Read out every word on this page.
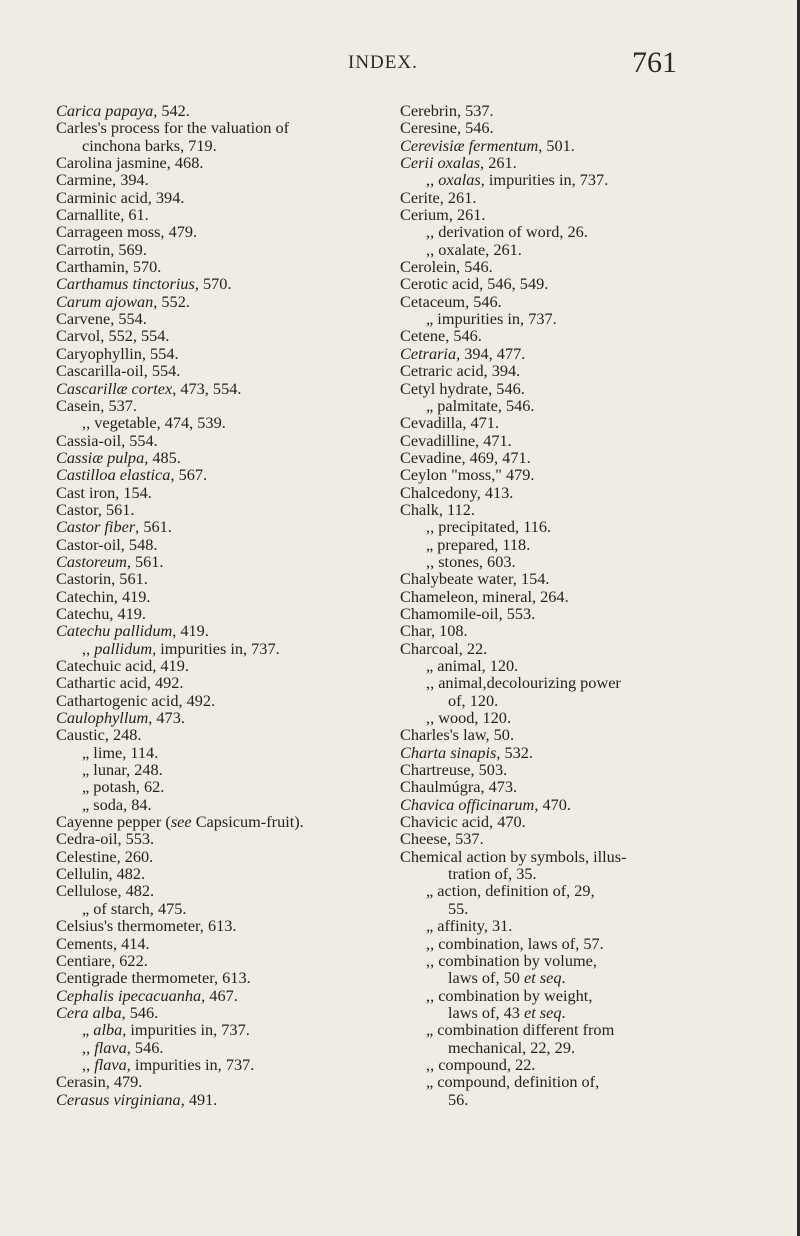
INDEX.	761
Carica papaya, 542.
Carles's process for the valuation of
cinchona barks, 719.
Carolina jasmine, 468.
Carmine, 394.
Carminic acid, 394.
Carnallite, 61.
Carrageen moss, 479.
Carrotin, 569.
Carthamin, 570.
Carthamus tinctorius, 570.
Carum ajowan, 552.
Carvene, 554.
Carvol, 552, 554.
Caryophyllin, 554.
Cascarilla-oil, 554.
Cascarillæ cortex, 473, 554.
Casein, 537.
,, vegetable, 474, 539.
Cassia-oil, 554.
Cassiæ pulpa, 485.
Castilloa elastica, 567.
Cast iron, 154.
Castor, 561.
Castor fiber, 561.
Castor-oil, 548.
Castoreum, 561.
Castorin, 561.
Catechin, 419.
Catechu, 419.
Catechu pallidum, 419.
,, pallidum, impurities in, 737.
Catechuic acid, 419.
Cathartic acid, 492.
Cathartogenic acid, 492.
Caulophyllum, 473.
Caustic, 248.
„ lime, 114.
„ lunar, 248.
„ potash, 62.
„ soda, 84.
Cayenne pepper (see Capsicum-fruit).
Cedra-oil, 553.
Celestine, 260.
Cellulin, 482.
Cellulose, 482.
„ of starch, 475.
Celsius's thermometer, 613.
Cements, 414.
Centiare, 622.
Centigrade thermometer, 613.
Cephalis ipecacuanha, 467.
Cera alba, 546.
„ alba, impurities in, 737.
,, flava, 546.
,, flava, impurities in, 737.
Cerasin, 479.
Cerasus virginiana, 491.
Cerebrin, 537.
Ceresine, 546.
Cerevisiæ fermentum, 501.
Cerii oxalas, 261.
,, oxalas, impurities in, 737.
Cerite, 261.
Cerium, 261.
,, derivation of word, 26.
,, oxalate, 261.
Cerolein, 546.
Cerotic acid, 546, 549.
Cetaceum, 546.
„ impurities in, 737.
Cetene, 546.
Cetraria, 394, 477.
Cetraric acid, 394.
Cetyl hydrate, 546.
„ palmitate, 546.
Cevadilla, 471.
Cevadilline, 471.
Cevadine, 469, 471.
Ceylon "moss," 479.
Chalcedony, 413.
Chalk, 112.
,, precipitated, 116.
„ prepared, 118.
,, stones, 603.
Chalybeate water, 154.
Chameleon, mineral, 264.
Chamomile-oil, 553.
Char, 108.
Charcoal, 22.
„ animal, 120.
,, animal,decolourizing power
of, 120.
,, wood, 120.
Charles's law, 50.
Charta sinapis, 532.
Chartreuse, 503.
Chaulmúgra, 473.
Chavica officinarum, 470.
Chavicic acid, 470.
Cheese, 537.
Chemical action by symbols, illus-
tration of, 35.
„ action, definition of, 29,
55.
„ affinity, 31.
,, combination, laws of, 57.
,, combination by volume,
laws of, 50 et seq.
,, combination by weight,
laws of, 43 et seq.
„ combination different from
mechanical, 22, 29.
,, compound, 22.
„ compound, definition of,
56.
